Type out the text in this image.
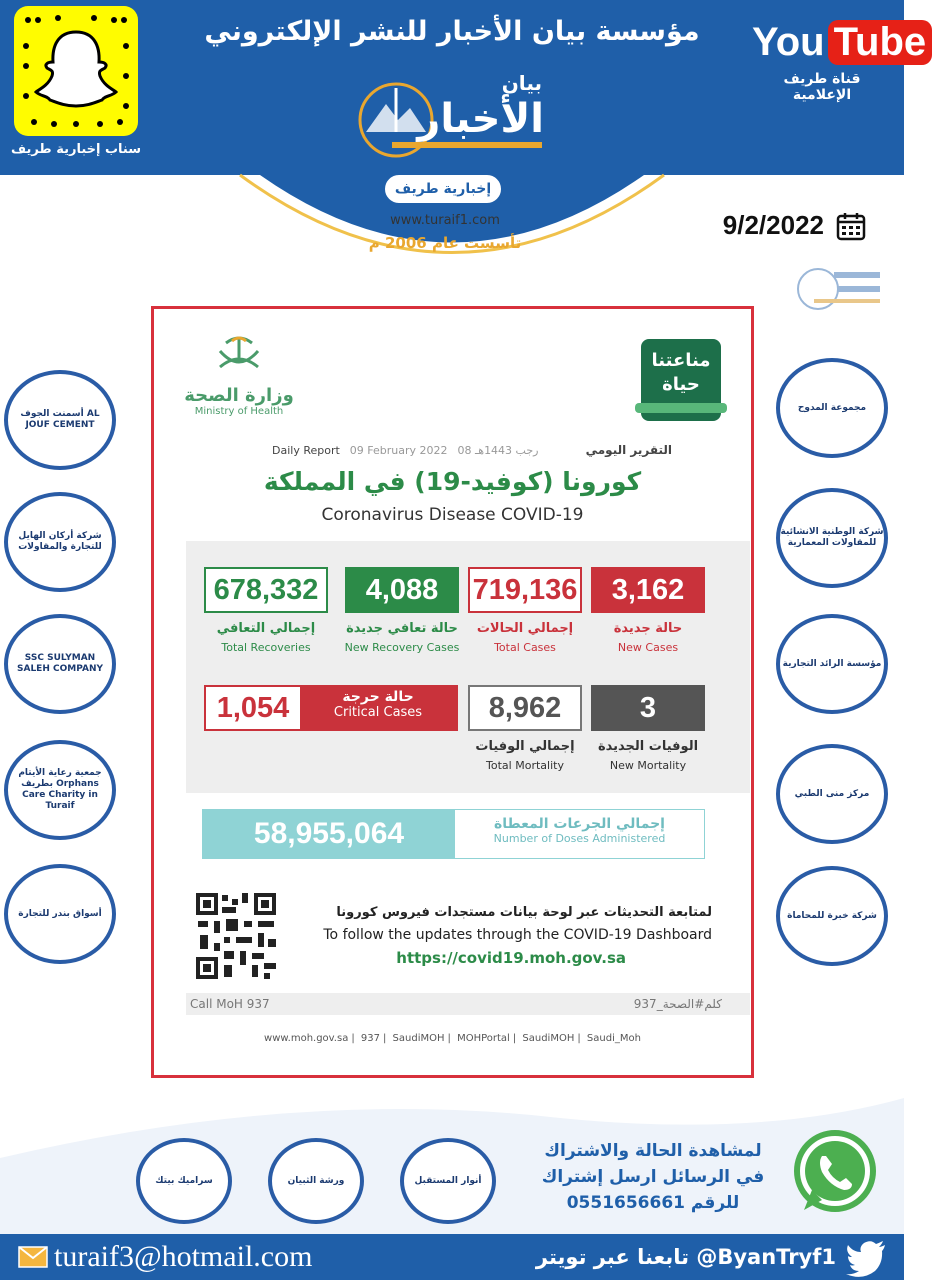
سناب إخبارية طريف
مؤسسة بيان الأخبار للنشر الإلكتروني
بيان
الأخبار
إخبارية طريف
www.turaif1.com
تأسست عام 2006 م
You Tube
قناة طريف الإعلامية
9/2/2022
أسمنت الجوف AL JOUF CEMENT
شركة أركان الهايل للتجارة والمقاولات
SSC SULYMAN SALEH COMPANY
جمعية رعاية الأيتام بطريف Orphans Care Charity in Turaif
أسواق بندر للتجارة
مجموعة المدوح
شركة الوطنية الانشائية للمقاولات المعمارية
مؤسسة الرائد التجارية
مركز منى الطبي
شركة خبرة للمحاماة
وزارة الصحة
Ministry of Health
مناعتنا
حياة
Daily Report 09 February 2022 08 رجب 1443هـ	التقرير اليومي
كورونا (كوفيد-19) في المملكة
Coronavirus Disease COVID-19
3,162
حالة جديدة
New Cases
719,136
إجمالي الحالات
Total Cases
4,088
حالة تعافي جديدة
New Recovery Cases
678,332
إجمالي التعافي
Total Recoveries
3
الوفيات الجديدة
New Mortality
8,962
إجمالي الوفيات
Total Mortality
1,054	حالة حرجة
Critical Cases
58,955,064	إجمالي الجرعات المعطاة
Number of Doses Administered
لمتابعة التحديثات عبر لوحة بيانات مستجدات فيروس كورونا
To follow the updates through the COVID-19 Dashboard
https://covid19.moh.gov.sa
Call MoH 937	كلم#الصحة_937
www.moh.gov.sa | 937 | SaudiMOH | MOHPortal | SaudiMOH | Saudi_Moh
سراميك بيتك	ورشة الثبيان	أنوار المستقبل
لمشاهدة الحالة والاشتراك
في الرسائل ارسل إشتراك
للرقم 0551656661
turaif3@hotmail.com	تابعنا عبر تويتر @ByanTryf1
